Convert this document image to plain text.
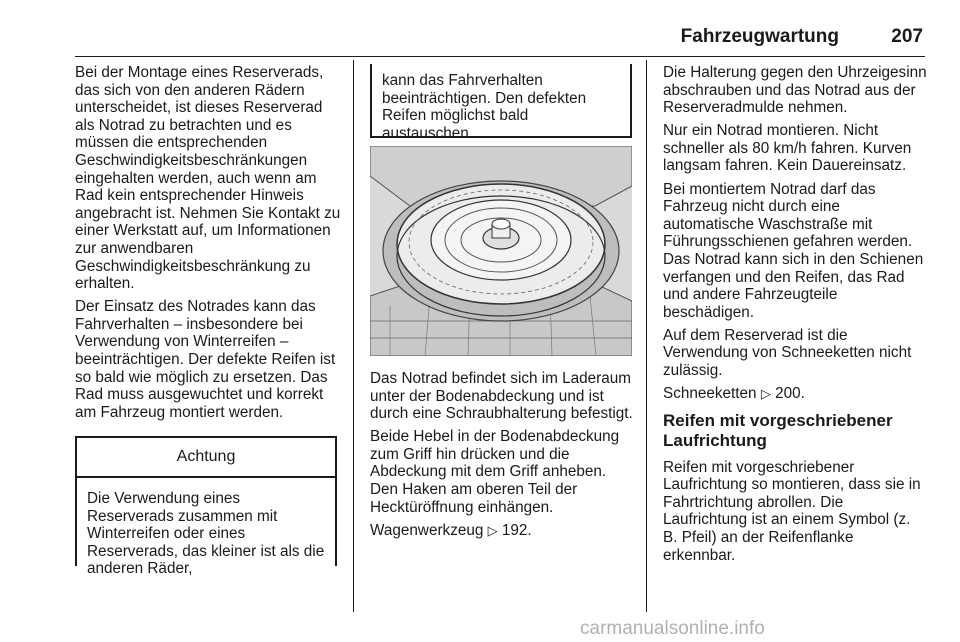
Fahrzeugwartung	207

Bei der Montage eines Reserverads, das sich von den anderen Rädern unterscheidet, ist dieses Reserverad als Notrad zu betrachten und es müssen die entsprechenden Geschwindigkeitsbeschränkungen eingehalten werden, auch wenn am Rad kein entsprechender Hinweis angebracht ist. Nehmen Sie Kontakt zu einer Werkstatt auf, um Informationen zur anwendbaren Geschwindigkeitsbeschränkung zu erhalten.

Der Einsatz des Notrades kann das Fahrverhalten – insbesondere bei Verwendung von Winterreifen – beeinträchtigen. Der defekte Reifen ist so bald wie möglich zu ersetzen. Das Rad muss ausgewuchtet und korrekt am Fahrzeug montiert werden.

Achtung
Die Verwendung eines Reserverads zusammen mit Winterreifen oder eines Reserverads, das kleiner ist als die anderen Räder,
kann das Fahrverhalten beeinträchtigen. Den defekten Reifen möglichst bald austauschen.

Das Notrad befindet sich im Laderaum unter der Bodenabdeckung und ist durch eine Schraubhalterung befestigt.

Beide Hebel in der Bodenabdeckung zum Griff hin drücken und die Abdeckung mit dem Griff anheben. Den Haken am oberen Teil der Hecktüröffnung einhängen.

Wagenwerkzeug ▷ 192.

Die Halterung gegen den Uhrzeigesinn abschrauben und das Notrad aus der Reserveradmulde nehmen.

Nur ein Notrad montieren. Nicht schneller als 80 km/h fahren. Kurven langsam fahren. Kein Dauereinsatz.

Bei montiertem Notrad darf das Fahrzeug nicht durch eine automatische Waschstraße mit Führungsschienen gefahren werden. Das Notrad kann sich in den Schienen verfangen und den Reifen, das Rad und andere Fahrzeugteile beschädigen.

Auf dem Reserverad ist die Verwendung von Schneeketten nicht zulässig.

Schneeketten ▷ 200.

Reifen mit vorgeschriebener Laufrichtung

Reifen mit vorgeschriebener Laufrichtung so montieren, dass sie in Fahrtrichtung abrollen. Die Laufrichtung ist an einem Symbol (z. B. Pfeil) an der Reifenflanke erkennbar.

carmanualsonline.info
